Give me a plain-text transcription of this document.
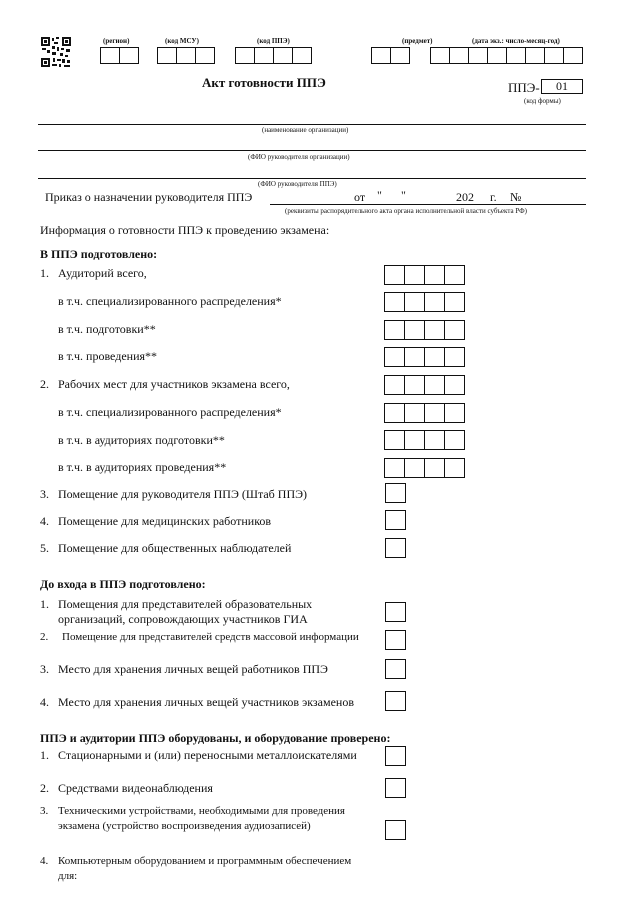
(регион)	(код МСУ)	(код ППЭ)	(предмет)	(дата экз.: число-месяц-год)
Акт готовности ППЭ	ППЭ-	01
(код формы)
(наименование организации)
(ФИО руководителя организации)
(ФИО руководителя ППЭ)
Приказ о назначении руководителя ППЭ	от " "	202 г. №
(реквизиты распорядительного акта органа исполнительной власти субъекта РФ)
Информация о готовности ППЭ к проведению экзамена:
В ППЭ подготовлено:
1. Аудиторий всего,
в т.ч. специализированного распределения*
в т.ч. подготовки**
в т.ч. проведения**
2. Рабочих мест для участников экзамена всего,
в т.ч. специализированного распределения*
в т.ч. в аудиториях подготовки**
в т.ч. в аудиториях проведения**
3. Помещение для руководителя ППЭ (Штаб ППЭ)
4. Помещение для медицинских работников
5. Помещение для общественных наблюдателей
До входа в ППЭ подготовлено:
1. Помещения для представителей образовательных
организаций, сопровождающих участников ГИА
2. Помещение для представителей средств массовой информации
3. Место для хранения личных вещей работников ППЭ
4. Место для хранения личных вещей участников экзаменов
ППЭ и аудитории ППЭ оборудованы, и оборудование проверено:
1. Стационарными и (или) переносными металлоискателями
2. Средствами видеонаблюдения
3. Техническими устройствами, необходимыми для проведения
экзамена (устройство воспроизведения аудиозаписей)
4. Компьютерным оборудованием и программным обеспечением
для:
